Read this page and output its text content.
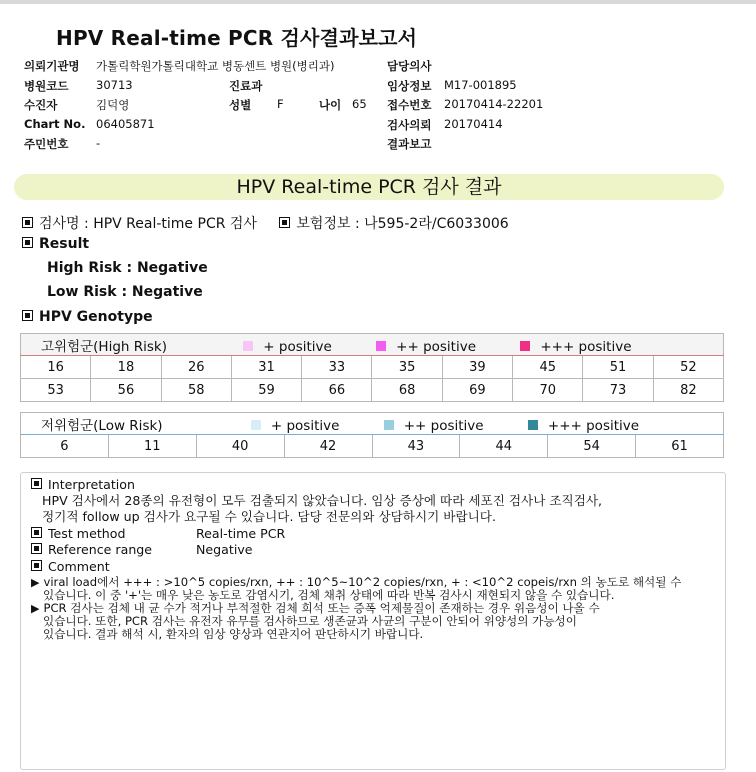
HPV Real-time PCR 검사결과보고서
의뢰기관명 가톨릭학원가톨릭대학교 병동센트 병원(병리과)	담당의사
병원코드 30713	진료과	임상정보 M17-001895
수진자	김덕영	성별 F	나이 65 접수번호 20170414-22201
Chart No. 06405871	검사의뢰 20170414
주민번호 -	결과보고
HPV Real-time PCR 검사 결과
검사명 : HPV Real-time PCR 검사	보험정보 : 나595-2라/C6033006
Result
High Risk : Negative
Low Risk : Negative
HPV Genotype
고위험군(High Risk) + positive ++ positive +++ positive									
16	18	26	31	33	35	39	45	51	52
53	56	58	59	66	68	69	70	73	82
저위험군(Low Risk)	+ positive	++ positive	+++ positive
6	11	40	42	43	44	54	61
Interpretation
HPV 검사에서 28종의 유전형이 모두 검출되지 않았습니다. 임상 증상에 따라 세포진 검사나 조직검사,
정기적 follow up 검사가 요구될 수 있습니다. 담당 전문의와 상담하시기 바랍니다.
Test method	Real-time PCR
Reference range	Negative
Comment
▶ viral load에서 +++ : >10^5 copies/rxn, ++ : 10^5~10^2 copies/rxn, + : <10^2 copeis/rxn 의 농도로 해석될 수
있습니다. 이 중 '+'는 매우 낮은 농도로 감염시기, 검체 채취 상태에 따라 반복 검사시 재현되지 않을 수 있습니다.
▶ PCR 검사는 검체 내 균 수가 적거나 부적절한 검체 희석 또는 증폭 억제물질이 존재하는 경우 위음성이 나올 수
있습니다. 또한, PCR 검사는 유전자 유무를 검사하므로 생존균과 사균의 구분이 안되어 위양성의 가능성이
있습니다. 결과 해석 시, 환자의 임상 양상과 연관지어 판단하시기 바랍니다.
